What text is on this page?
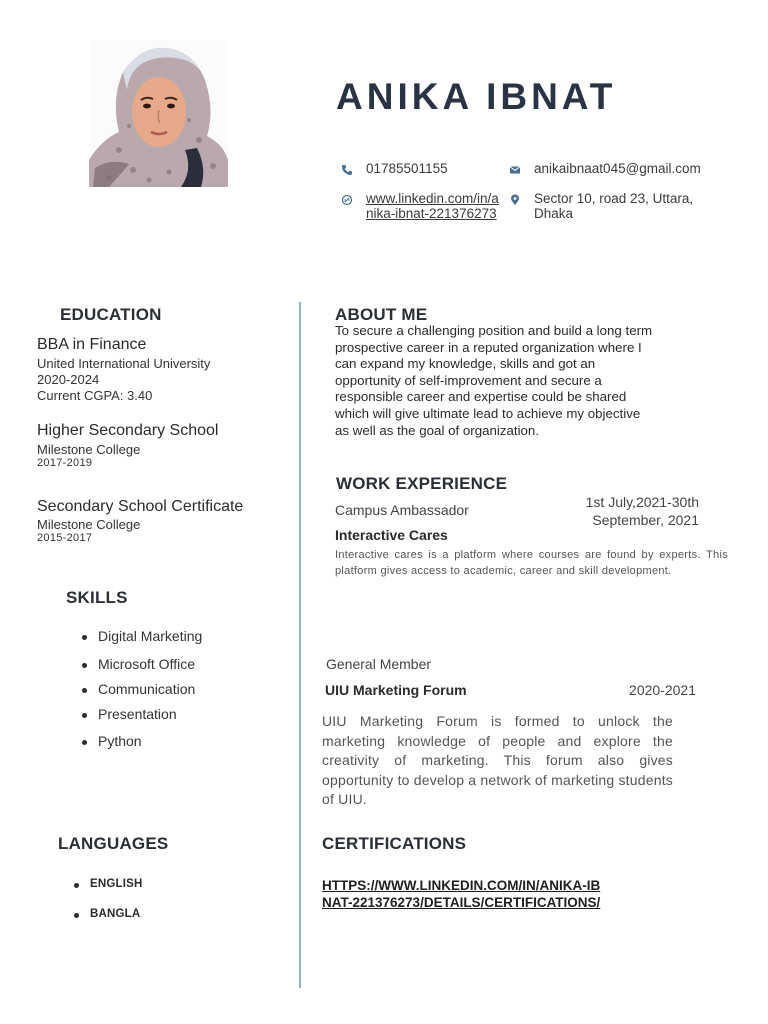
ANIKA IBNAT
01785501155	anikaibnaat045@gmail.com
www.linkedin.com/in/anika-ibnat-221376273
Sector 10, road 23, Uttara, Dhaka
EDUCATION
BBA in Finance
United International University
2020-2024
Current CGPA: 3.40
Higher Secondary School
Milestone College
2017-2019
Secondary School Certificate
Milestone College
2015-2017
SKILLS
Digital Marketing
Microsoft Office
Communication
Presentation
Python
LANGUAGES
ENGLISH
BANGLA
ABOUT ME
To secure a challenging position and build a long term prospective career in a reputed organization where I can expand my knowledge, skills and got an opportunity of self-improvement and secure a responsible career and expertise could be shared which will give ultimate lead to achieve my objective as well as the goal of organization.
WORK EXPERIENCE
Campus Ambassador	1st July,2021-30th September, 2021
Interactive Cares
Interactive cares is a platform where courses are found by experts. This platform gives access to academic, career and skill development.
General Member
UIU Marketing Forum	2020-2021
UIU Marketing Forum is formed to unlock the marketing knowledge of people and explore the creativity of marketing. This forum also gives opportunity to develop a network of marketing students of UIU.
CERTIFICATIONS
HTTPS://WWW.LINKEDIN.COM/IN/ANIKA-IBNAT-221376273/DETAILS/CERTIFICATIONS/
